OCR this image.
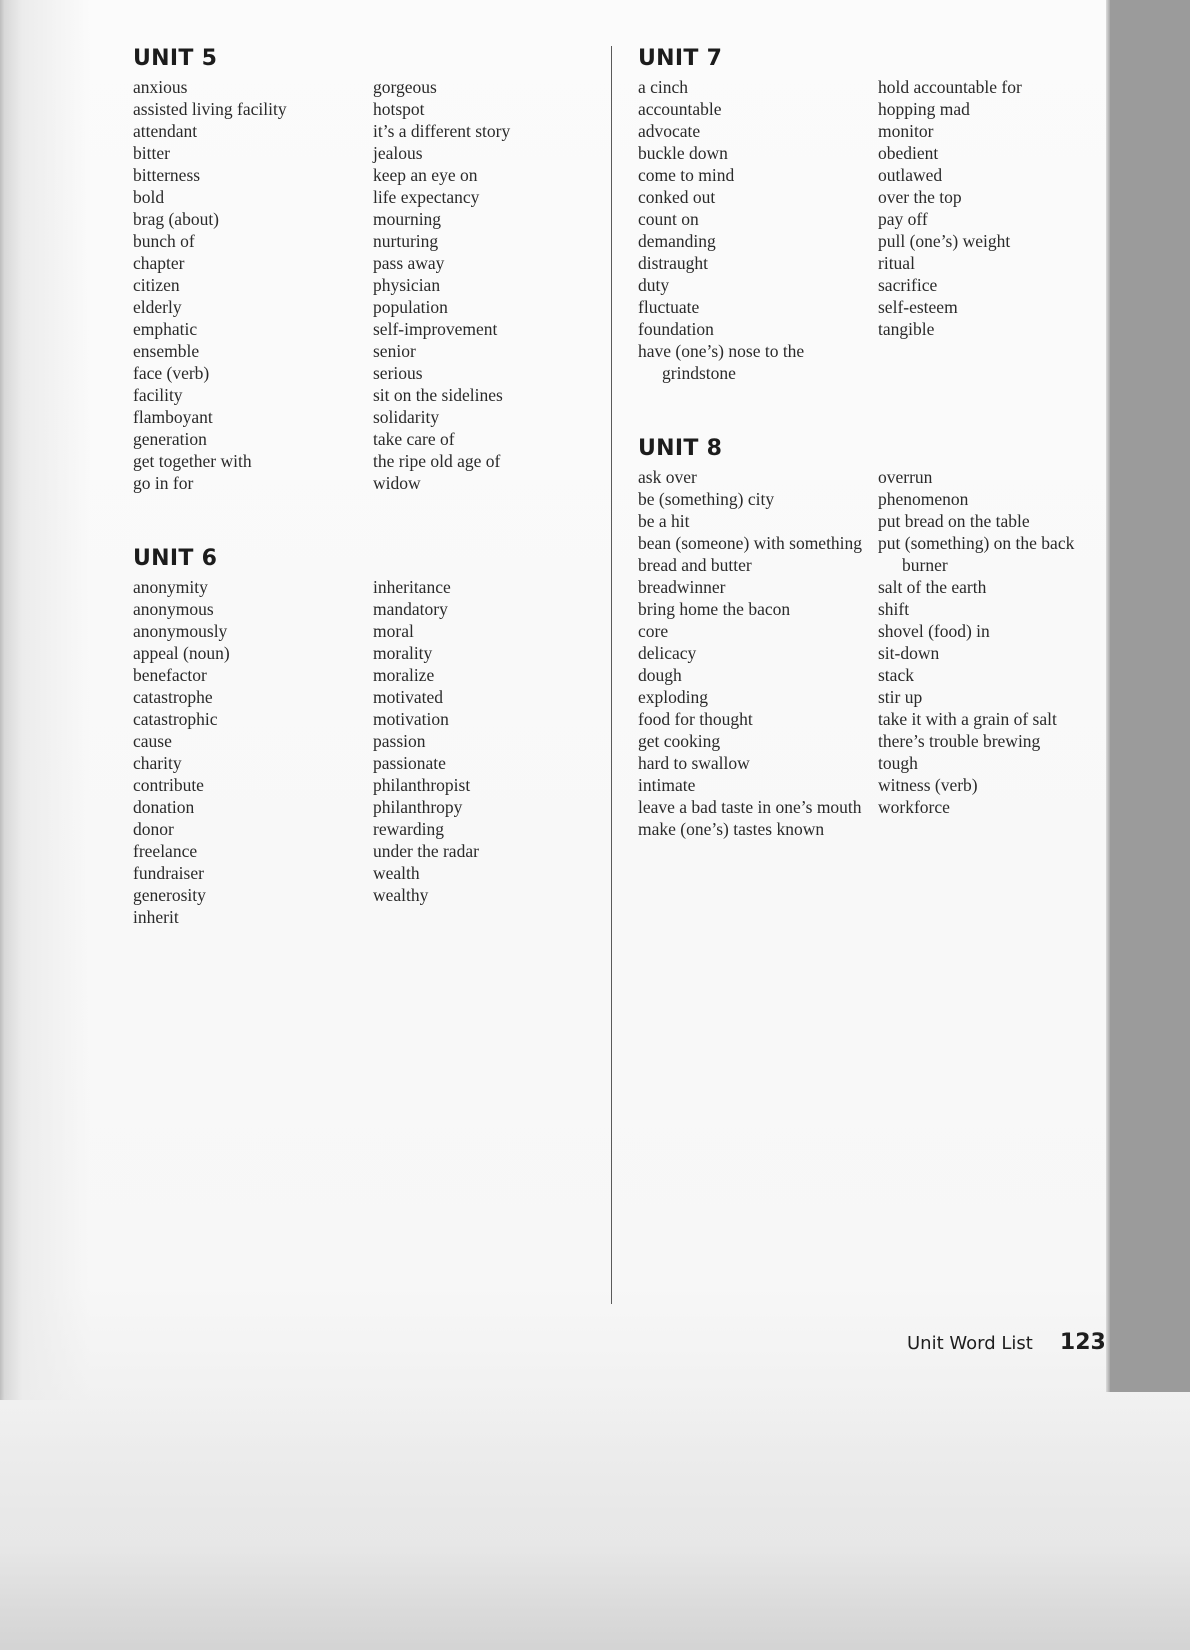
UNIT 5
anxious
assisted living facility
attendant
bitter
bitterness
bold
brag (about)
bunch of
chapter
citizen
elderly
emphatic
ensemble
face (verb)
facility
flamboyant
generation
get together with
go in for
gorgeous
hotspot
it’s a different story
jealous
keep an eye on
life expectancy
mourning
nurturing
pass away
physician
population
self-improvement
senior
serious
sit on the sidelines
solidarity
take care of
the ripe old age of
widow
UNIT 6
anonymity
anonymous
anonymously
appeal (noun)
benefactor
catastrophe
catastrophic
cause
charity
contribute
donation
donor
freelance
fundraiser
generosity
inherit
inheritance
mandatory
moral
morality
moralize
motivated
motivation
passion
passionate
philanthropist
philanthropy
rewarding
under the radar
wealth
wealthy
UNIT 7
a cinch
accountable
advocate
buckle down
come to mind
conked out
count on
demanding
distraught
duty
fluctuate
foundation
have (one’s) nose to the grindstone
hold accountable for
hopping mad
monitor
obedient
outlawed
over the top
pay off
pull (one’s) weight
ritual
sacrifice
self-esteem
tangible
UNIT 8
ask over
be (something) city
be a hit
bean (someone) with something
bread and butter
breadwinner
bring home the bacon
core
delicacy
dough
exploding
food for thought
get cooking
hard to swallow
intimate
leave a bad taste in one’s mouth
make (one’s) tastes known
overrun
phenomenon
put bread on the table
put (something) on the back burner
salt of the earth
shift
shovel (food) in
sit-down
stack
stir up
take it with a grain of salt
there’s trouble brewing
tough
witness (verb)
workforce
Unit Word List 123
